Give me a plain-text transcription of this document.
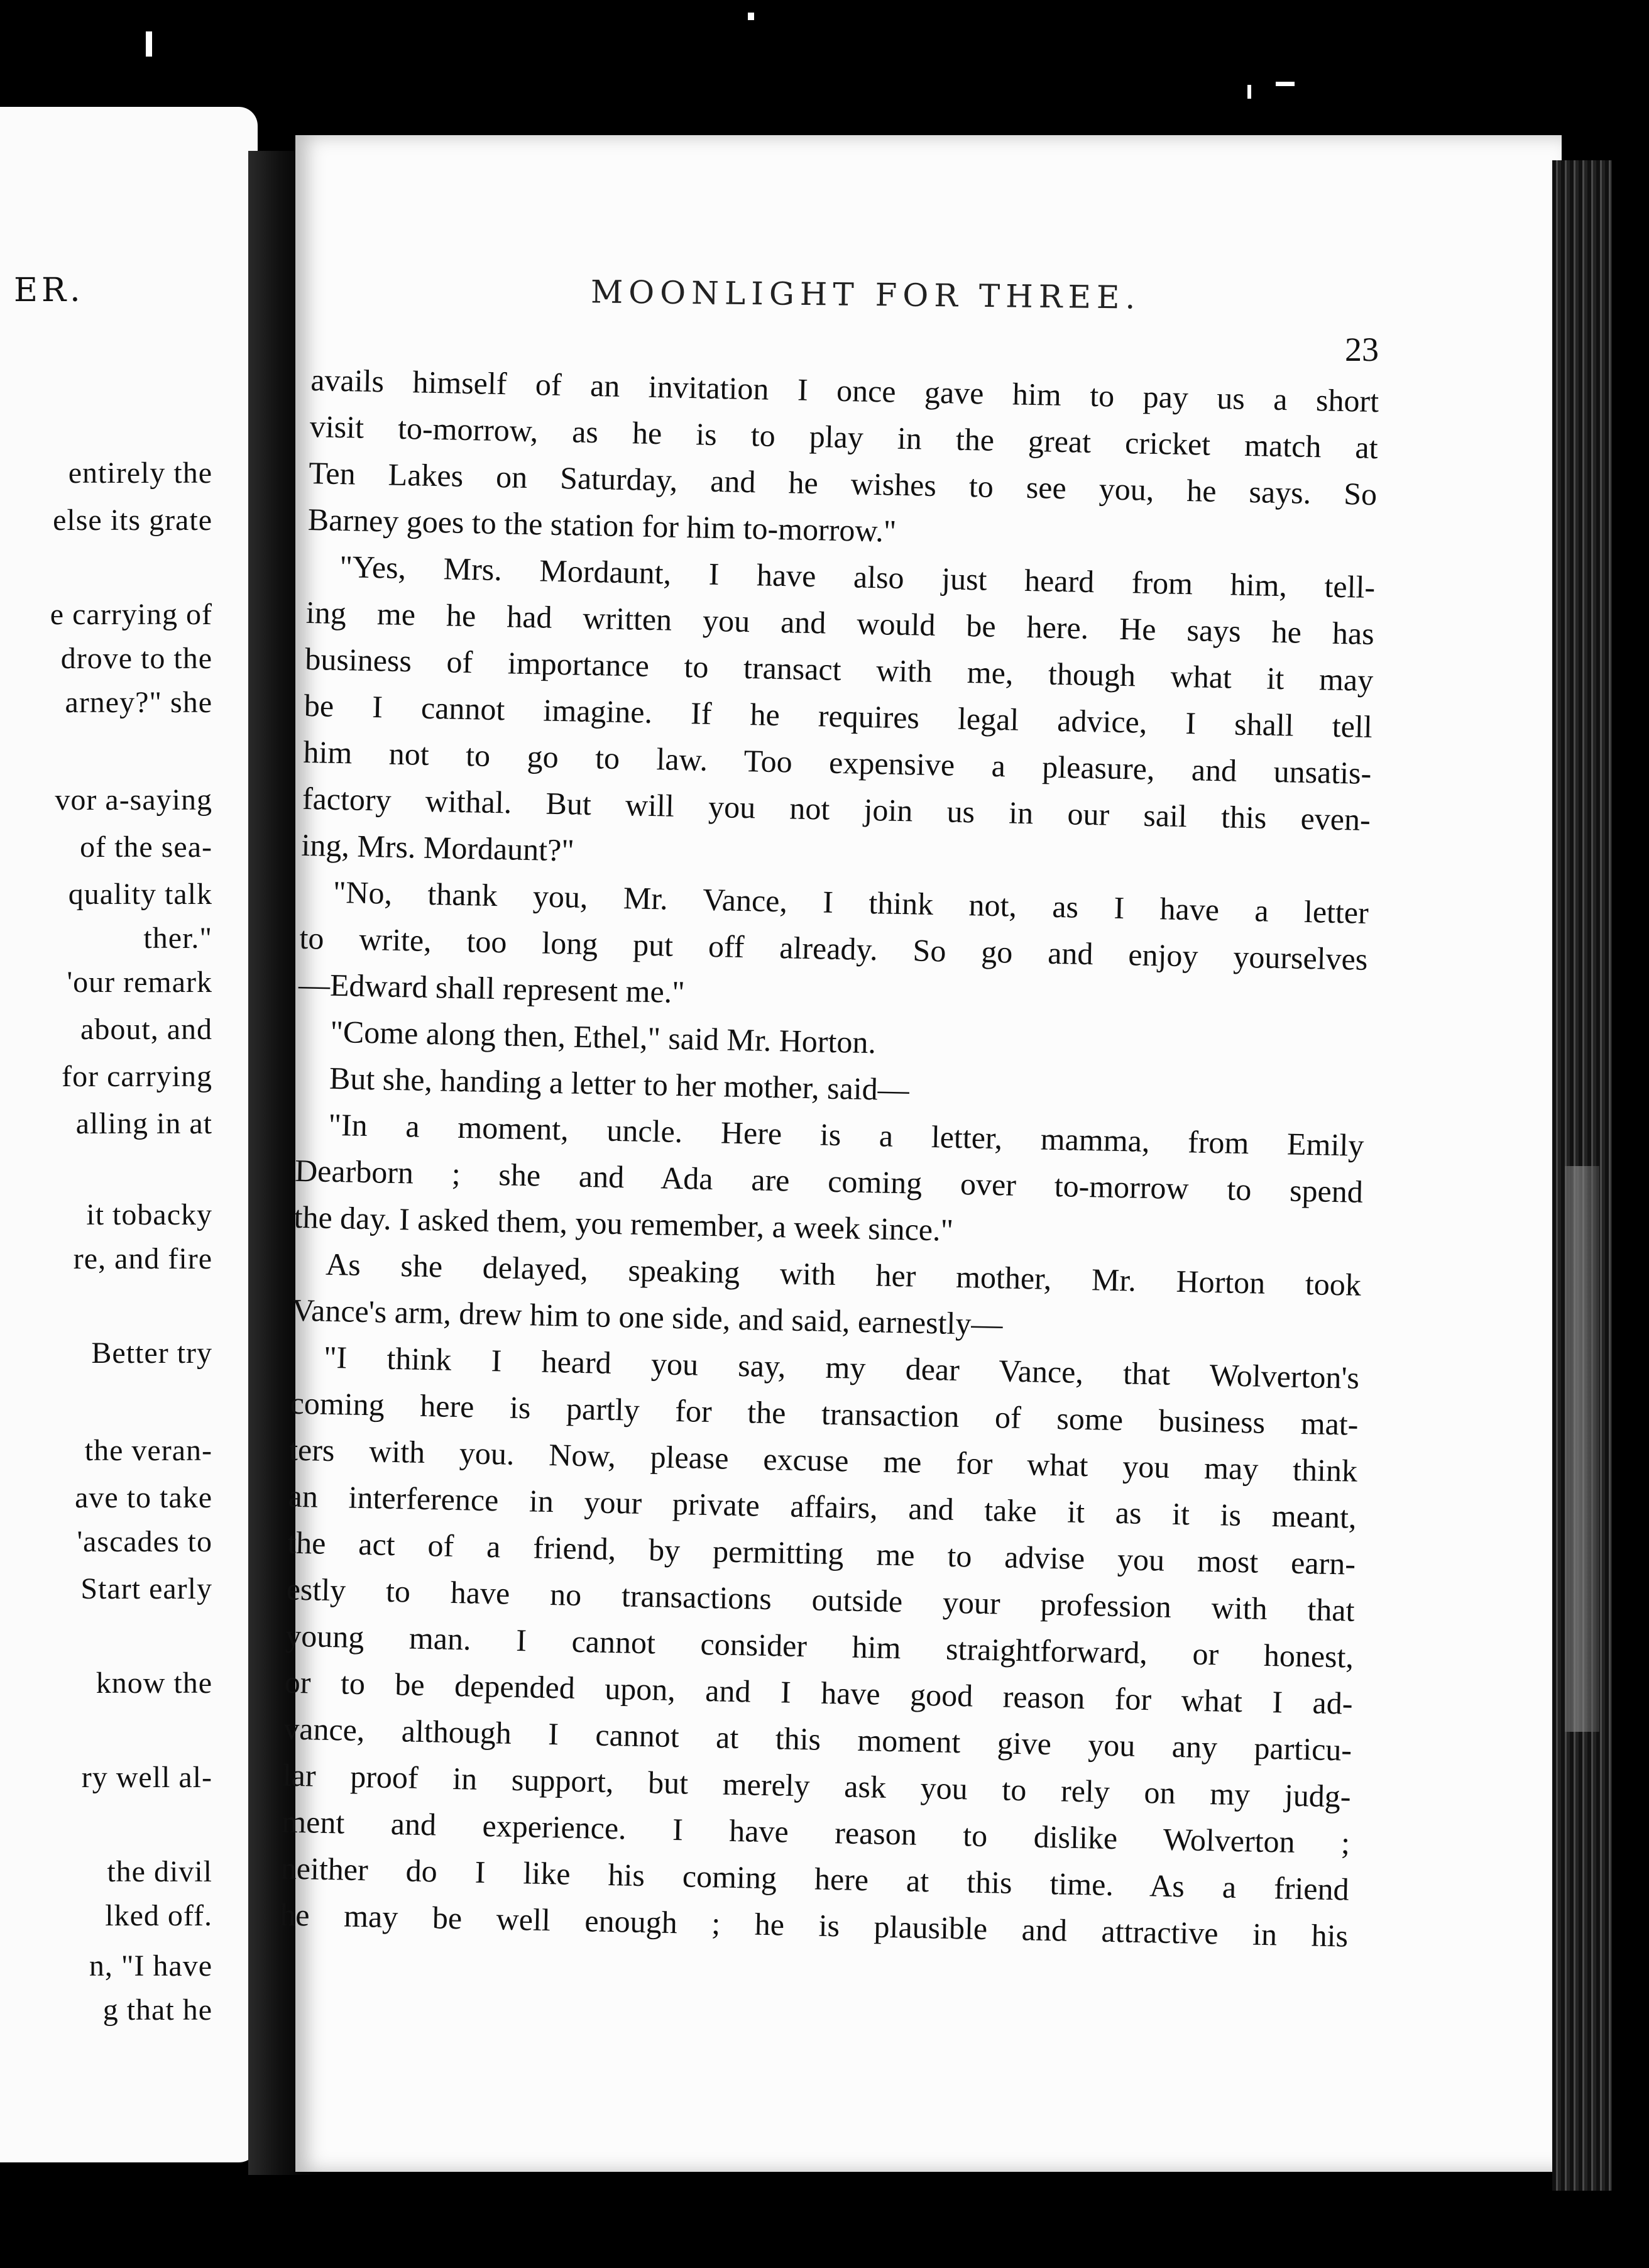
ER.

entirely the

else its grate

e carrying of

drove to the

arney?" she

vor a-saying

of the sea-

quality talk

ther."

'our remark

about, and

for carrying

alling in at

it tobacky

re, and fire

Better try

the veran-

ave to take

'ascades to

Start early

know the

ry well al-

the divil

lked off.

n, "I have

g that he

MOONLIGHT FOR THREE.

23

avails himself of an invitation I once gave him to pay us a short
visit to-morrow, as he is to play in the great cricket match at
Ten Lakes on Saturday, and he wishes to see you, he says. So
Barney goes to the station for him to-morrow."
"Yes, Mrs. Mordaunt, I have also just heard from him, tell-
ing me he had written you and would be here. He says he has
business of importance to transact with me, though what it may
be I cannot imagine. If he requires legal advice, I shall tell
him not to go to law. Too expensive a pleasure, and unsatis-
factory withal. But will you not join us in our sail this even-
ing, Mrs. Mordaunt?"
"No, thank you, Mr. Vance, I think not, as I have a letter
to write, too long put off already. So go and enjoy yourselves
—Edward shall represent me."
"Come along then, Ethel," said Mr. Horton.
But she, handing a letter to her mother, said—
"In a moment, uncle. Here is a letter, mamma, from Emily
Dearborn ; she and Ada are coming over to-morrow to spend
the day. I asked them, you remember, a week since."
As she delayed, speaking with her mother, Mr. Horton took
Vance's arm, drew him to one side, and said, earnestly—
"I think I heard you say, my dear Vance, that Wolverton's
coming here is partly for the transaction of some business mat-
ters with you. Now, please excuse me for what you may think
an interference in your private affairs, and take it as it is meant,
the act of a friend, by permitting me to advise you most earn-
estly to have no transactions outside your profession with that
young man. I cannot consider him straightforward, or honest,
or to be depended upon, and I have good reason for what I ad-
vance, although I cannot at this moment give you any particu-
lar proof in support, but merely ask you to rely on my judg-
ment and experience. I have reason to dislike Wolverton ;
neither do I like his coming here at this time. As a friend
he may be well enough ; he is plausible and attractive in his
